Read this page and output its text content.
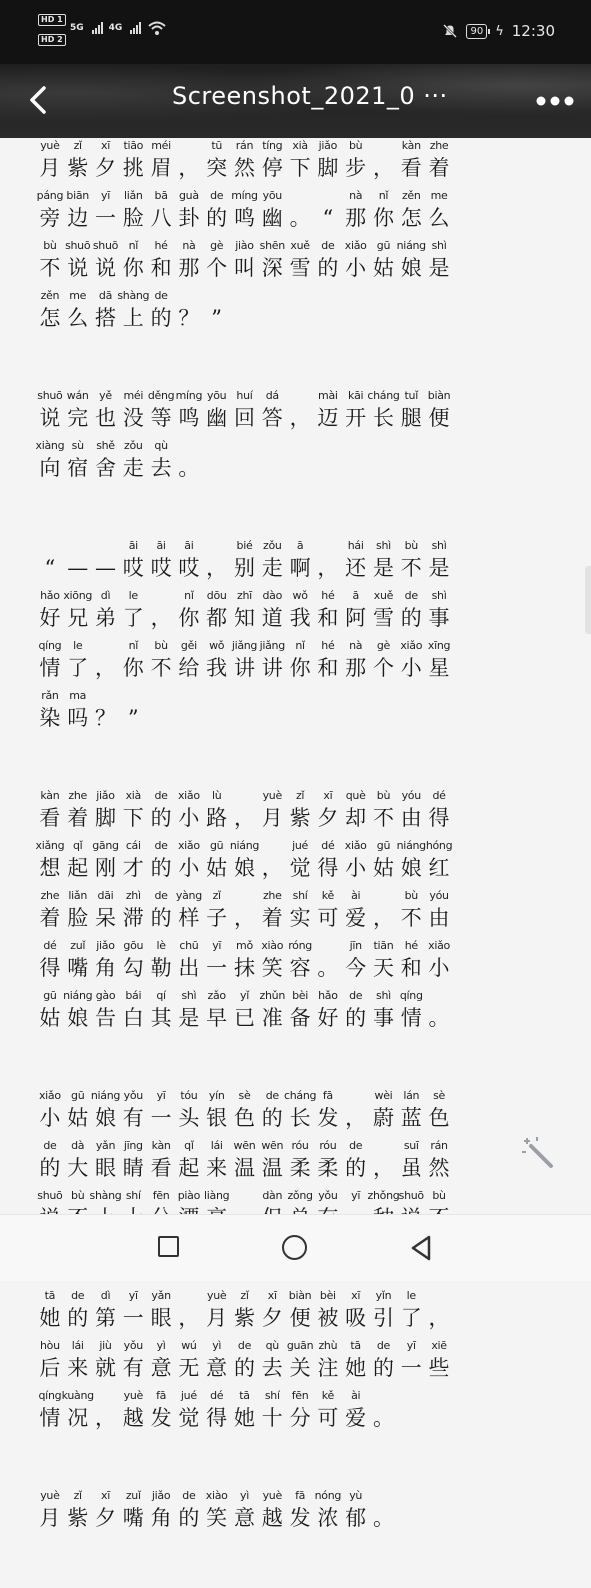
HD 1
HD 2
5G	4G	90 ϟ 12:30
Screenshot_2021_0 ···
yuè
月
zǐ
紫
xī
夕
tiāo
挑
méi
眉 ，
tū
突
rán
然
tíng
停
xià
下
jiǎo
脚
bù
步 ，
kàn
看
zhe
着
páng
旁
biān
边
yī
一
liǎn
脸
bā
八
guà
卦
de
的
míng
鸣
yōu
幽 。 “
nà
那
nǐ
你
zěn
怎
me
么
bù
不
shuō
说
shuō
说
nǐ
你
hé
和
nà
那
gè
个
jiào
叫
shēn
深
xuě
雪
de
的
xiǎo
小
gū
姑
niáng
娘
shì
是
zěn
怎
me
么
dā
搭
shàng
上
de
的 ？ ”
shuō
说
wán
完
yě
也
méi
没
děng
等
míng
鸣
yōu
幽
huí
回
dá
答 ，
mài
迈
kāi
开
cháng
长
tuǐ
腿
biàn
便
xiàng
向
sù
宿
shě
舍
zǒu
走
qù
去 。
“ — —
āi
哎
āi
哎
āi
哎 ，
bié
别
zǒu
走
ā
啊 ，
hái
还
shì
是
bù
不
shì
是
hǎo
好
xiōng
兄
dì
弟
le
了 ，
nǐ
你
dōu
都
zhī
知
dào
道
wǒ
我
hé
和
ā
阿
xuě
雪
de
的
shì
事
qíng
情
le
了 ，
nǐ
你
bù
不
gěi
给
wǒ
我
jiǎng
讲
jiǎng
讲
nǐ
你
hé
和
nà
那
gè
个
xiǎo
小
xīng
星
rǎn
染
ma
吗 ？ ”
kàn
看
zhe
着
jiǎo
脚
xià
下
de
的
xiǎo
小
lù
路 ，
yuè
月
zǐ
紫
xī
夕
què
却
bù
不
yóu
由
dé
得
xiǎng
想
qǐ
起
gāng
刚
cái
才
de
的
xiǎo
小
gū
姑
niáng
娘 ，
jué
觉
dé
得
xiǎo
小
gū
姑
niáng
娘
hóng
红
zhe
着
liǎn
脸
dāi
呆
zhì
滞
de
的
yàng
样
zǐ
子 ，
zhe
着
shí
实
kě
可
ài
爱 ，
bù
不
yóu
由
dé
得
zuǐ
嘴
jiǎo
角
gōu
勾
lè
勒
chū
出
yī
一
mǒ
抹
xiào
笑
róng
容 。
jīn
今
tiān
天
hé
和
xiǎo
小
gū
姑
niáng
娘
gào
告
bái
白
qí
其
shì
是
zǎo
早
yǐ
已
zhǔn
准
bèi
备
hǎo
好
de
的
shì
事
qíng
情 。
xiǎo
小
gū
姑
niáng
娘
yǒu
有
yī
一
tóu
头
yín
银
sè
色
de
的
cháng
长
fā
发 ，
wèi
蔚
lán
蓝
sè
色
de
的
dà
大
yǎn
眼
jīng
睛
kàn
看
qǐ
起
lái
来
wēn
温
wēn
温
róu
柔
róu
柔
de
的 ，
suī
虽
rán
然
shuō bù shàng shí fēn piào liàng	dàn zǒng yǒu yī zhǒng shuō bù
tā
她
de
的
dì
第
yī
一
yǎn
眼 ，
yuè
月
zǐ
紫
xī
夕
biàn
便
bèi
被
xī
吸
yǐn
引
le
了 ，
hòu
后
lái
来
jiù
就
yǒu
有
yì
意
wú
无
yì
意
de
的
qù
去
guān
关
zhù
注
tā
她
de
的
yī
一
xiē
些
qíng
情
kuàng
况 ，
yuè
越
fā
发
jué
觉
dé
得
tā
她
shí
十
fēn
分
kě
可
ài
爱 。
yuè
月
zǐ
紫
xī
夕
zuǐ
嘴
jiǎo
角
de
的
xiào
笑
yì
意
yuè
越
fā
发
nóng
浓
yù
郁 。
